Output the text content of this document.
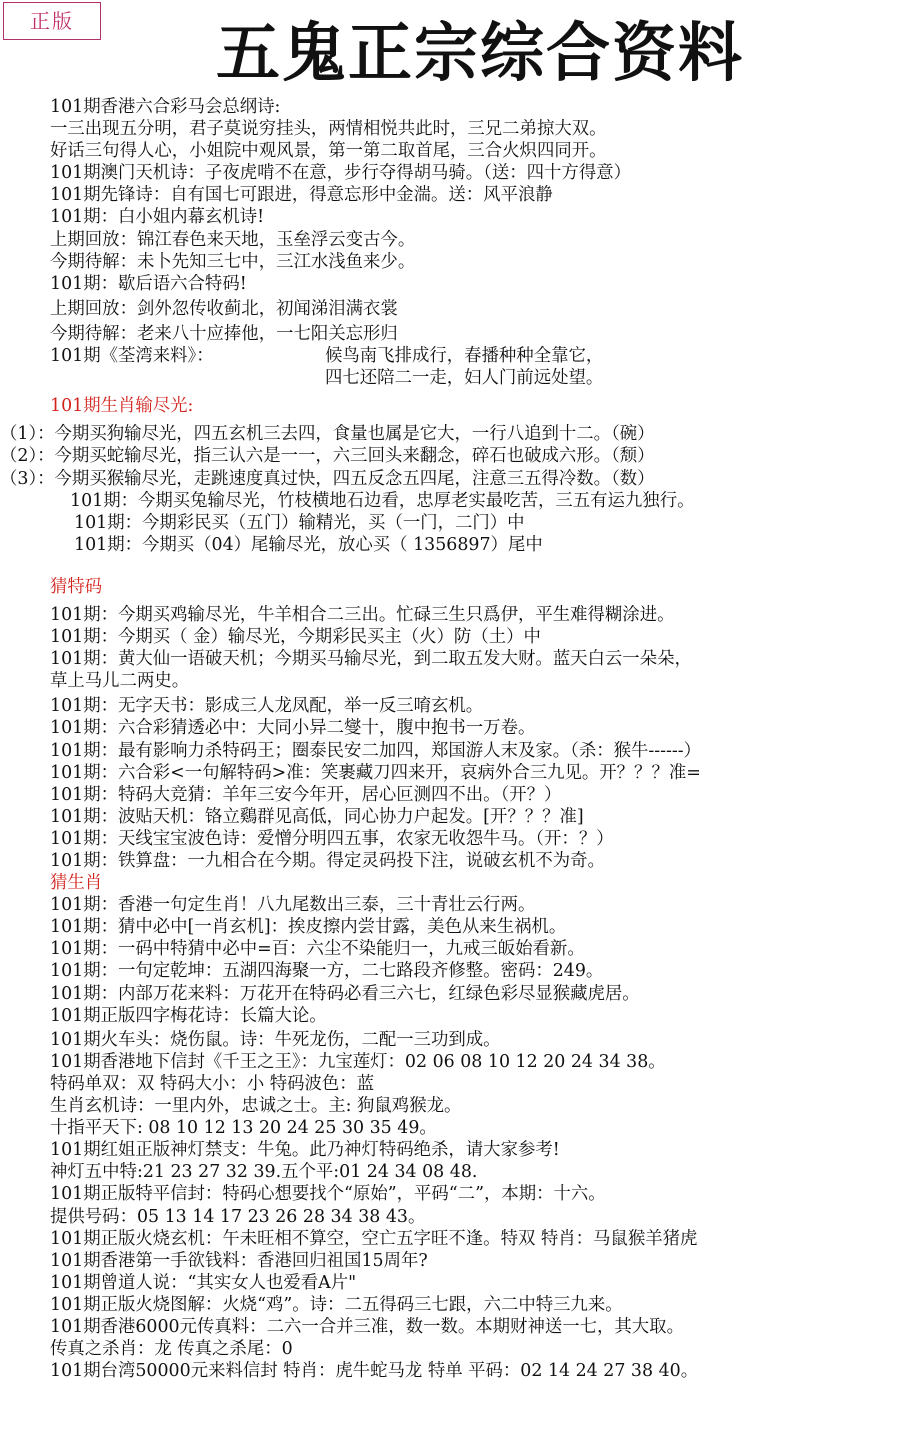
正版	五鬼正宗综合资料
101期香港六合彩马会总纲诗:
一三出现五分明，君子莫说穷挂头，两情相悦共此时，三兄二弟掠大双。
好话三句得人心，小姐院中观风景，第一第二取首尾，三合火炽四同开。
101期澳门天机诗：子夜虎啃不在意，步行夺得胡马骑。（送：四十方得意）
101期先锋诗：自有国七可跟进，得意忘形中金湍。送：风平浪静
101期：白小姐内幕玄机诗!
上期回放：锦江春色来天地，玉垒浮云变古今。
今期待解：未卜先知三七中，三江水浅鱼来少。
101期：歇后语六合特码!
上期回放：剑外忽传收蓟北，初闻涕泪满衣裳
今期待解：老来八十应捧他，一七阳关忘形归
101期《荃湾来料》：	候鸟南飞排成行，春播种种全靠它，
四七还陪二一走，妇人门前远处望。
101期生肖输尽光:
（1）：今期买狗输尽光，四五玄机三去四，食量也属是它大，一行八追到十二。（碗）
（2）：今期买蛇输尽光，指三认六是一一，六三回头来翻念，碎石也破成六形。（颓）
（3）：今期买猴输尽光，走跳速度真过快，四五反念五四尾，注意三五得冷数。（数）
101期：今期买兔输尽光，竹枝横地石边看，忠厚老实最吃苦，三五有运九独行。
101期：今期彩民买（五门）输精光，买（一门，二门）中
101期：今期买（04）尾输尽光，放心买（ 1356897）尾中
猜特码
101期：今期买鸡输尽光，牛羊相合二三出。忙碌三生只爲伊，平生难得糊涂进。
101期：今期买（ 金）输尽光，今期彩民买主（火）防（土）中
101期：黄大仙一语破天机；今期买马输尽光，到二取五发大财。蓝天白云一朵朵，
草上马儿二两史。
101期：无字天书：影成三人龙凤配，举一反三唷玄机。
101期：六合彩猜透必中：大同小异二燮十，腹中抱书一万卷。
101期：最有影响力杀特码王；圈泰民安二加四，郑国游人末及家。（杀：猴牛------）
101期：六合彩<一句解特码>准：笑裹藏刀四来开，哀病外合三九见。开？？？准=
101期：特码大竞猜：羊年三安今年开，居心叵测四不出。（开？）
101期：波贴天机：铬立鷄群见高低，同心协力户起发。[开？？？准]
101期：天线宝宝波色诗：爱憎分明四五事，农家无收怨牛马。（开：？）
101期：铁算盘：一九相合在今期。得定灵码投下注，说破玄机不为奇。
猜生肖
101期：香港一句定生肖！八九尾数出三泰，三十青壮云行两。
101期：猜中必中[一肖玄机]：挨皮擦内尝甘露，美色从来生祸机。
101期：一码中特猜中必中=百：六尘不染能归一，九戒三皈始看新。
101期：一句定乾坤：五湖四海聚一方，二七路段齐修整。密码：249。
101期：内部万花来料：万花开在特码必看三六七，红绿色彩尽显猴藏虎居。
101期正版四字梅花诗：长篇大论。
101期火车头：烧伤鼠。诗：牛死龙伤，二配一三功到成。
101期香港地下信封《千王之王》：九宝莲灯：02 06 08 10 12 20 24 34 38。
特码单双：双 特码大小：小 特码波色：蓝
生肖玄机诗：一里内外，忠诚之士。主: 狗鼠鸡猴龙。
十指平天下: 08 10 12 13 20 24 25 30 35 49。
101期红姐正版神灯禁支：牛兔。此乃神灯特码绝杀，请大家参考!
神灯五中特:21 23 27 32 39.五个平:01 24 34 08 48.
101期正版特平信封：特码心想要找个“原始”，平码“二”，本期：十六。
提供号码：05 13 14 17 23 26 28 34 38 43。
101期正版火烧玄机：午未旺相不算空，空亡五字旺不逢。特双 特肖：马鼠猴羊猪虎
101期香港第一手欲钱料：香港回归祖国15周年?
101期曾道人说：“其实女人也爱看A片"
101期正版火烧图解：火烧“鸡”。诗：二五得码三七跟，六二中特三九来。
101期香港6000元传真料：二六一合并三准，数一数。本期财神送一七，其大取。
传真之杀肖：龙 传真之杀尾：0
101期台湾50000元来料信封 特肖：虎牛蛇马龙 特单 平码：02 14 24 27 38 40。
